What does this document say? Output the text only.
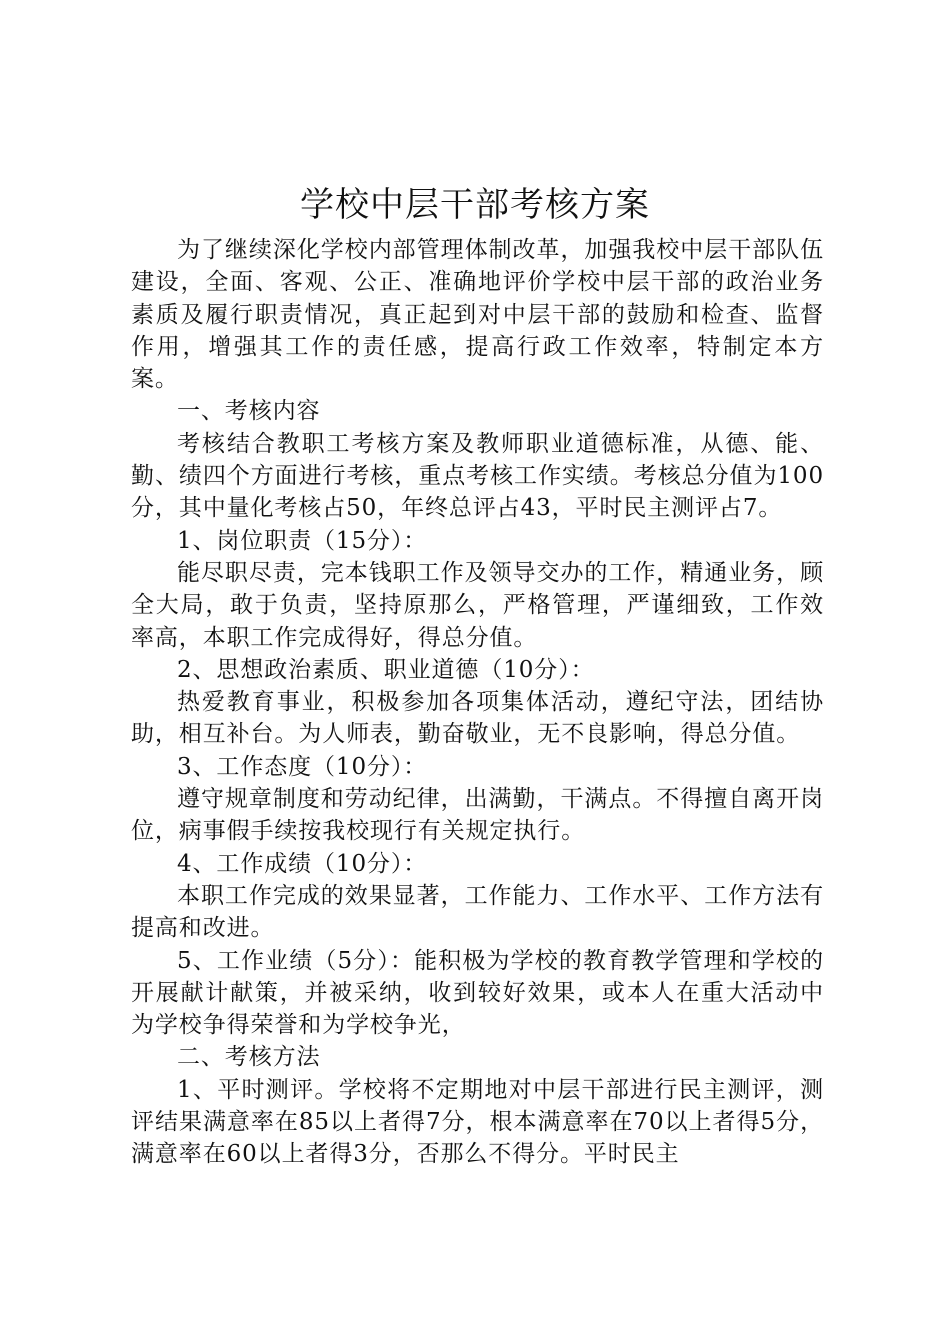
学校中层干部考核方案

为了继续深化学校内部管理体制改革，加强我校中层干部队伍建设，全面、客观、公正、准确地评价学校中层干部的政治业务素质及履行职责情况，真正起到对中层干部的鼓励和检查、监督作用，增强其工作的责任感，提高行政工作效率，特制定本方案。

一、考核内容

考核结合教职工考核方案及教师职业道德标准，从德、能、勤、绩四个方面进行考核，重点考核工作实绩。考核总分值为100分，其中量化考核占50，年终总评占43，平时民主测评占7。

1、岗位职责（15分）：

能尽职尽责，完本钱职工作及领导交办的工作，精通业务，顾全大局，敢于负责，坚持原那么，严格管理，严谨细致，工作效率高，本职工作完成得好，得总分值。

2、思想政治素质、职业道德（10分）：

热爱教育事业，积极参加各项集体活动，遵纪守法，团结协助，相互补台。为人师表，勤奋敬业，无不良影响，得总分值。

3、工作态度（10分）：

遵守规章制度和劳动纪律，出满勤，干满点。不得擅自离开岗位，病事假手续按我校现行有关规定执行。

4、工作成绩（10分）：

本职工作完成的效果显著，工作能力、工作水平、工作方法有提高和改进。

5、工作业绩（5分）：能积极为学校的教育教学管理和学校的开展献计献策，并被采纳，收到较好效果，或本人在重大活动中为学校争得荣誉和为学校争光，

二、考核方法

1、平时测评。学校将不定期地对中层干部进行民主测评，测评结果满意率在85以上者得7分，根本满意率在70以上者得5分，满意率在60以上者得3分，否那么不得分。平时民主
